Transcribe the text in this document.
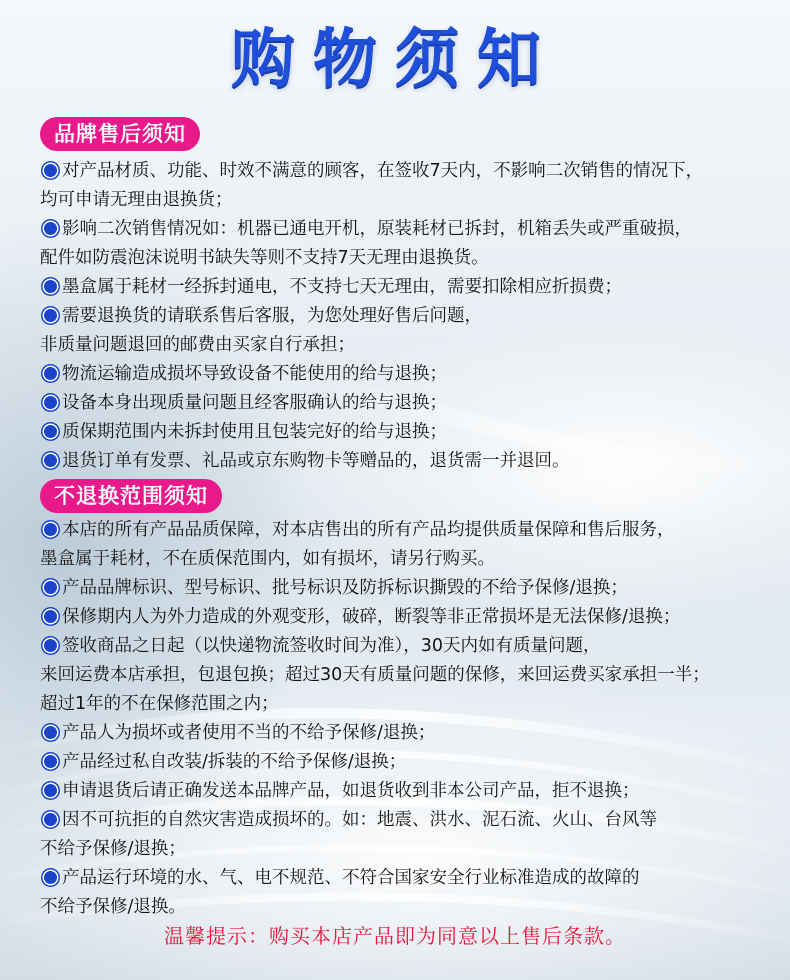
购物须知
品牌售后须知
对产品材质、功能、时效不满意的顾客，在签收7天内，不影响二次销售的情况下，
均可申请无理由退换货；
影响二次销售情况如：机器已通电开机，原装耗材已拆封，机箱丢失或严重破损，
配件如防震泡沫说明书缺失等则不支持7天无理由退换货。
墨盒属于耗材一经拆封通电，不支持七天无理由，需要扣除相应折损费；
需要退换货的请联系售后客服，为您处理好售后问题，
非质量问题退回的邮费由买家自行承担；
物流运输造成损坏导致设备不能使用的给与退换；
设备本身出现质量问题且经客服确认的给与退换；
质保期范围内未拆封使用且包装完好的给与退换；
退货订单有发票、礼品或京东购物卡等赠品的，退货需一并退回。
不退换范围须知
本店的所有产品品质保障，对本店售出的所有产品均提供质量保障和售后服务，
墨盒属于耗材，不在质保范围内，如有损坏，请另行购买。
产品品牌标识、型号标识、批号标识及防拆标识撕毁的不给予保修/退换；
保修期内人为外力造成的外观变形，破碎，断裂等非正常损坏是无法保修/退换；
签收商品之日起（以快递物流签收时间为准），30天内如有质量问题，
来回运费本店承担，包退包换；超过30天有质量问题的保修，来回运费买家承担一半；
超过1年的不在保修范围之内；
产品人为损坏或者使用不当的不给予保修/退换；
产品经过私自改装/拆装的不给予保修/退换；
申请退货后请正确发送本品牌产品，如退货收到非本公司产品，拒不退换；
因不可抗拒的自然灾害造成损坏的。如：地震、洪水、泥石流、火山、台风等
不给予保修/退换；
产品运行环境的水、气、电不规范、不符合国家安全行业标准造成的故障的
不给予保修/退换。
温馨提示：购买本店产品即为同意以上售后条款。
